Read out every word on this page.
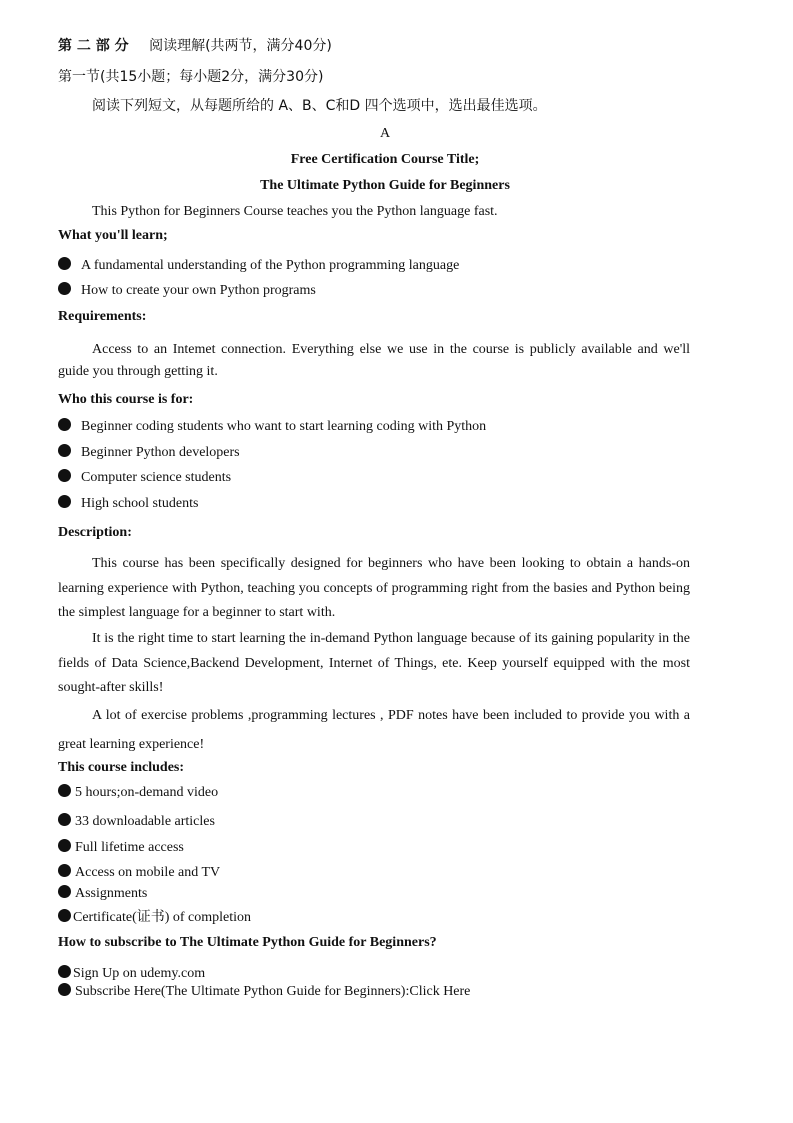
第 二 部 分 阅读理解(共两节，满分40分)
第一节(共15小题；每小题2分，满分30分)
阅读下列短文，从每题所给的 A、B、C和D 四个选项中，选出最佳选项。
A
Free Certification Course Title;
The Ultimate Python Guide for Beginners
This Python for Beginners Course teaches you the Python language fast.
What you'll learn;
A fundamental understanding of the Python programming language
How to create your own Python programs
Requirements:
Access to an Intemet connection. Everything else we use in the course is publicly available and we'll guide you through getting it.
Who this course is for:
Beginner coding students who want to start learning coding with Python
Beginner Python developers
Computer science students
High school students
Description:
This course has been specifically designed for beginners who have been looking to obtain a hands-on learning experience with Python, teaching you concepts of programming right from the basies and Python being the simplest language for a beginner to start with.
It is the right time to start learning the in-demand Python language because of its gaining popularity in the fields of Data Science,Backend Development, Internet of Things, ete. Keep yourself equipped with the most sought-after skills!
A lot of exercise problems ,programming lectures , PDF notes have been included to provide you with a great learning experience!
This course includes:
5 hours;on-demand video
33 downloadable articles
Full lifetime access
Access on mobile and TV
Assignments
Certificate(证书) of completion
How to subscribe to The Ultimate Python Guide for Beginners?
Sign Up on udemy.com
Subscribe Here(The Ultimate Python Guide for Beginners):Click Here
